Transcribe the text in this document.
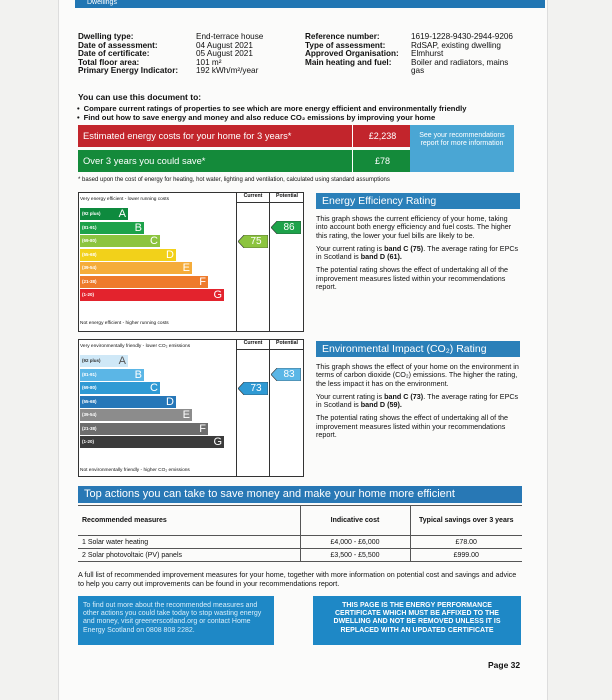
Dwellings
Dwelling type:	End-terrace house
Date of assessment:	04 August 2021
Date of certificate:	05 August 2021
Total floor area:	101 m²
Primary Energy Indicator:	192 kWh/m²/year
Reference number:	1619-1228-9430-2944-9206
Type of assessment:	RdSAP, existing dwelling
Approved Organisation:	Elmhurst
Main heating and fuel:	Boiler and radiators, mains gas
You can use this document to:
• Compare current ratings of properties to see which are more energy efficient and environmentally friendly
• Find out how to save energy and money and also reduce CO₂ emissions by improving your home
Estimated energy costs for your home for 3 years*	£2,238
Over 3 years you could save*	£78
See your recommendations report for more information
* based upon the cost of energy for heating, hot water, lighting and ventilation, calculated using standard assumptions
Current	Potential
Very energy efficient - lower running costs
Not energy efficient - higher running costs
(92 plus) A
(81-91)	B
(69-80)	C
(55-68)	D
(39-54)	E
(21-38)	F
(1-20)	G
75
86
Current	Potential
Very environmentally friendly - lower CO₂ emissions
Not environmentally friendly - higher CO₂ emissions
(92 plus) A
(81-91)	B
(69-80)	C
(55-68)	D
(39-54)	E
(21-38)	F
(1-20)	G
73
83
Energy Efficiency Rating

This graph shows the current efficiency of your home, taking into account both energy efficiency and fuel costs. The higher this rating, the lower your fuel bills are likely to be.

Your current rating is band C (75). The average rating for EPCs in Scotland is band D (61).

The potential rating shows the effect of undertaking all of the improvement measures listed within your recommendations report.

Environmental Impact (CO₂) Rating

This graph shows the effect of your home on the environment in terms of carbon dioxide (CO₂) emissions. The higher the rating, the less impact it has on the environment.

Your current rating is band C (73). The average rating for EPCs in Scotland is band D (59).

The potential rating shows the effect of undertaking all of the improvement measures listed within your recommendations report.

Top actions you can take to save money and make your home more efficient
Recommended measures	Indicative cost	Typical savings over 3 years
1 Solar water heating	£4,000 - £6,000	£78.00
2 Solar photovoltaic (PV) panels	£3,500 - £5,500	£999.00
A full list of recommended improvement measures for your home, together with more information on potential cost and savings and advice to help you carry out improvements can be found in your recommendations report.
To find out more about the recommended measures and other actions you could take today to stop wasting energy and money, visit greenerscotland.org or contact Home Energy Scotland on 0808 808 2282.
THIS PAGE IS THE ENERGY PERFORMANCE CERTIFICATE WHICH MUST BE AFFIXED TO THE DWELLING AND NOT BE REMOVED UNLESS IT IS REPLACED WITH AN UPDATED CERTIFICATE
Page 32
